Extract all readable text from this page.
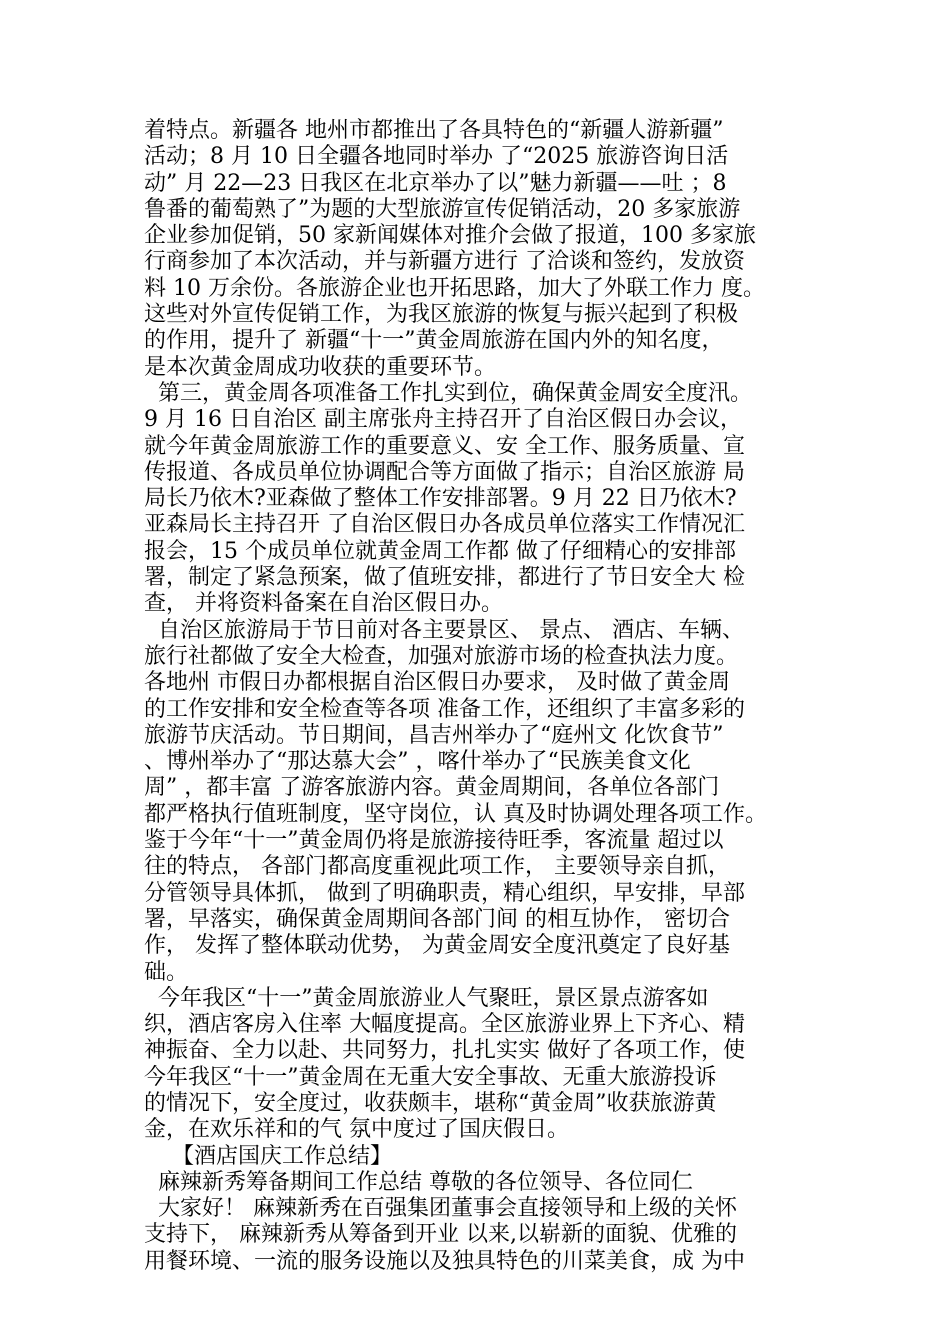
着特点。新疆各 地州市都推出了各具特色的“新疆人游新疆”
活动；8 月 10 日全疆各地同时举办 了“2025 旅游咨询日活
动” 月 22—23 日我区在北京举办了以”魅力新疆——吐 ；8
鲁番的葡萄熟了”为题的大型旅游宣传促销活动，20 多家旅游
企业参加促销，50 家新闻媒体对推介会做了报道，100 多家旅
行商参加了本次活动，并与新疆方进行 了洽谈和签约，发放资
料 10 万余份。各旅游企业也开拓思路，加大了外联工作力 度。
这些对外宣传促销工作，为我区旅游的恢复与振兴起到了积极
的作用，提升了 新疆“十一”黄金周旅游在国内外的知名度，
是本次黄金周成功收获的重要环节。
第三，黄金周各项准备工作扎实到位，确保黄金周安全度汛。
9 月 16 日自治区 副主席张舟主持召开了自治区假日办会议，
就今年黄金周旅游工作的重要意义、安 全工作、服务质量、宣
传报道、各成员单位协调配合等方面做了指示；自治区旅游 局
局长乃依木?亚森做了整体工作安排部署。9 月 22 日乃依木?
亚森局长主持召开 了自治区假日办各成员单位落实工作情况汇
报会，15 个成员单位就黄金周工作都 做了仔细精心的安排部
署，制定了紧急预案，做了值班安排，都进行了节日安全大 检
查， 并将资料备案在自治区假日办。
自治区旅游局于节日前对各主要景区、 景点、 酒店、车辆、
旅行社都做了安全大检查，加强对旅游市场的检查执法力度。
各地州 市假日办都根据自治区假日办要求， 及时做了黄金周
的工作安排和安全检查等各项 准备工作，还组织了丰富多彩的
旅游节庆活动。节日期间，昌吉州举办了“庭州文 化饮食节”
、博州举办了“那达慕大会” ，喀什举办了“民族美食文化
周” ，都丰富 了游客旅游内容。黄金周期间，各单位各部门
都严格执行值班制度，坚守岗位，认 真及时协调处理各项工作。
鉴于今年“十一”黄金周仍将是旅游接待旺季，客流量 超过以
往的特点， 各部门都高度重视此项工作， 主要领导亲自抓，
分管领导具体抓， 做到了明确职责，精心组织，早安排，早部
署，早落实，确保黄金周期间各部门间 的相互协作， 密切合
作， 发挥了整体联动优势， 为黄金周安全度汛奠定了良好基
础。
今年我区“十一”黄金周旅游业人气聚旺，景区景点游客如
织，酒店客房入住率 大幅度提高。全区旅游业界上下齐心、精
神振奋、全力以赴、共同努力，扎扎实实 做好了各项工作，使
今年我区“十一”黄金周在无重大安全事故、无重大旅游投诉
的情况下，安全度过，收获颇丰，堪称“黄金周”收获旅游黄
金，在欢乐祥和的气 氛中度过了国庆假日。
【酒店国庆工作总结】
麻辣新秀筹备期间工作总结 尊敬的各位领导、各位同仁
大家好！ 麻辣新秀在百强集团董事会直接领导和上级的关怀
支持下， 麻辣新秀从筹备到开业 以来,以崭新的面貌、优雅的
用餐环境、一流的服务设施以及独具特色的川菜美食，成 为中
